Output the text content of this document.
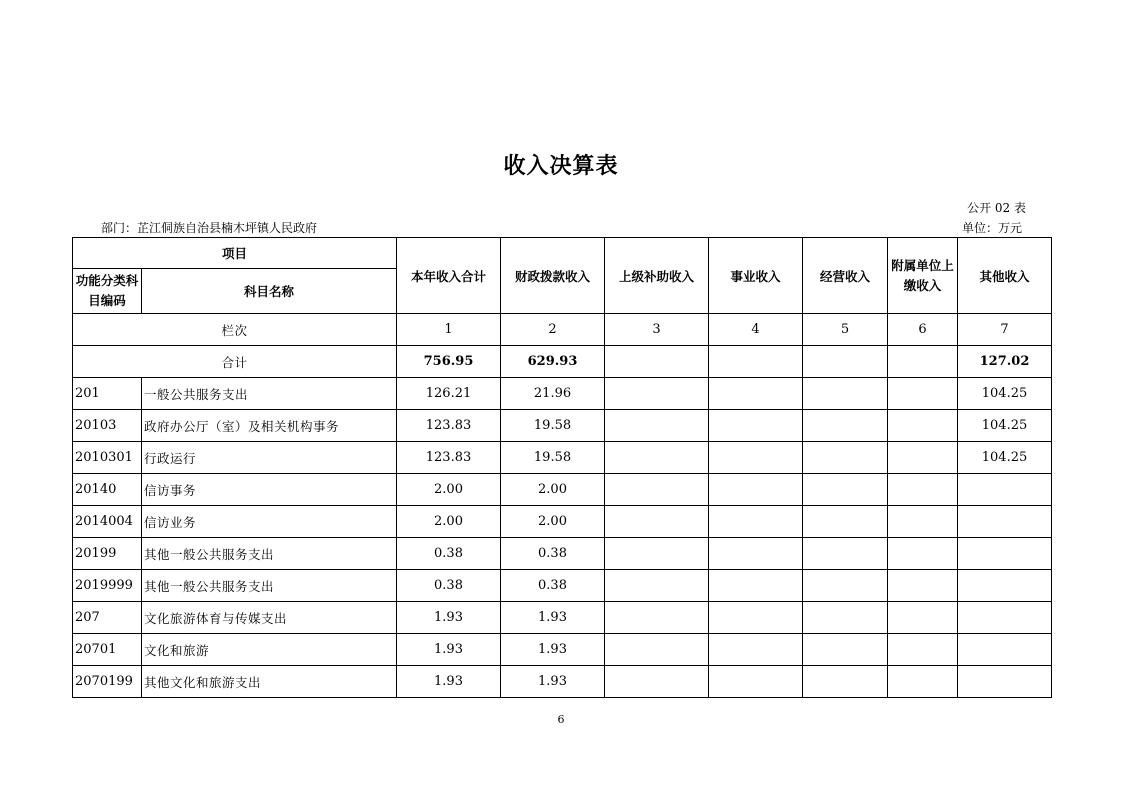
收入决算表
公开 02 表
部门：芷江侗族自治县楠木坪镇人民政府	单位：万元
项目		本年收入合计	财政拨款收入	上级补助收入	事业收入	经营收入	附属单位上缴收入	其他收入
功能分类科目编码	科目名称							
栏次		1	2	3	4	5	6	7
合计		756.95	629.93					127.02
201	一般公共服务支出	126.21	21.96					104.25
20103	政府办公厅（室）及相关机构事务	123.83	19.58					104.25
2010301	行政运行	123.83	19.58					104.25
20140	信访事务	2.00	2.00					
2014004	信访业务	2.00	2.00					
20199	其他一般公共服务支出	0.38	0.38					
2019999	其他一般公共服务支出	0.38	0.38					
207	文化旅游体育与传媒支出	1.93	1.93					
20701	文化和旅游	1.93	1.93					
2070199	其他文化和旅游支出	1.93	1.93					
6
